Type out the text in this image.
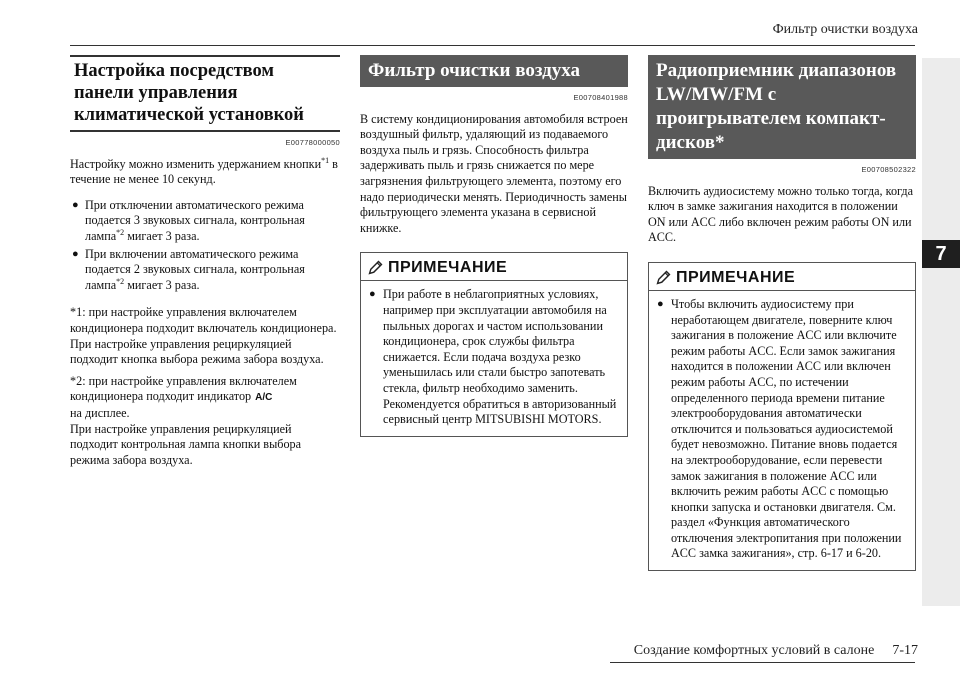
Фильтр очистки воздуха
7
Настройка посредством панели управления климатической установкой
E00778000050

Настройку можно изменить удержанием кнопки$^{*1}$ в течение не менее 10 секунд.

● При отключении автоматического режима подается 3 звуковых сигнала, контрольная лампа$^{*2}$ мигает 3 раза.
● При включении автоматического режима подается 2 звуковых сигнала, контрольная лампа$^{*2}$ мигает 3 раза.

*1: при настройке управления включателем кондиционера подходит включатель кондиционера.
При настройке управления рециркуляцией подходит кнопка выбора режима забора воздуха.

*2: при настройке управления включателем кондиционера подходит индикатор A/C
на дисплее.
При настройке управления рециркуляцией подходит контрольная лампа кнопки выбора режима забора воздуха.

Фильтр очистки воздуха
E00708401988

В систему кондиционирования автомобиля встроен воздушный фильтр, удаляющий из подаваемого воздуха пыль и грязь. Способность фильтра задерживать пыль и грязь снижается по мере загрязнения фильтрующего элемента, поэтому его надо периодически менять. Периодичность замены фильтрующего элемента указана в сервисной книжке.

ПРИМЕЧАНИЕ
● При работе в неблагоприятных условиях, например при эксплуатации автомобиля на пыльных дорогах и частом использовании кондиционера, срок службы фильтра снижается. Если подача воздуха резко уменьшилась или стали быстро запотевать стекла, фильтр необходимо заменить.
Рекомендуется обратиться в авторизованный сервисный центр MITSUBISHI MOTORS.
Радиоприемник диапазонов LW/MW/FM с проигрывателем компакт-дисков*
E00708502322

Включить аудиосистему можно только тогда, когда ключ в замке зажигания находится в положении ON или ACC либо включен режим работы ON или ACC.

ПРИМЕЧАНИЕ
● Чтобы включить аудиосистему при неработающем двигателе, поверните ключ зажигания в положение ACC или включите режим работы ACC. Если замок зажигания находится в положении ACC или включен режим работы ACC, по истечении определенного периода времени питание электрооборудования автоматически отключится и пользоваться аудиосистемой будет невозможно. Питание вновь подается на электрооборудование, если перевести замок зажигания в положение ACC или включить режим работы ACC с помощью кнопки запуска и остановки двигателя. См. раздел «Функция автоматического отключения электропитания при положении ACC замка зажигания», стр. 6-17 и 6-20.
Создание комфортных условий в салоне 7-17
